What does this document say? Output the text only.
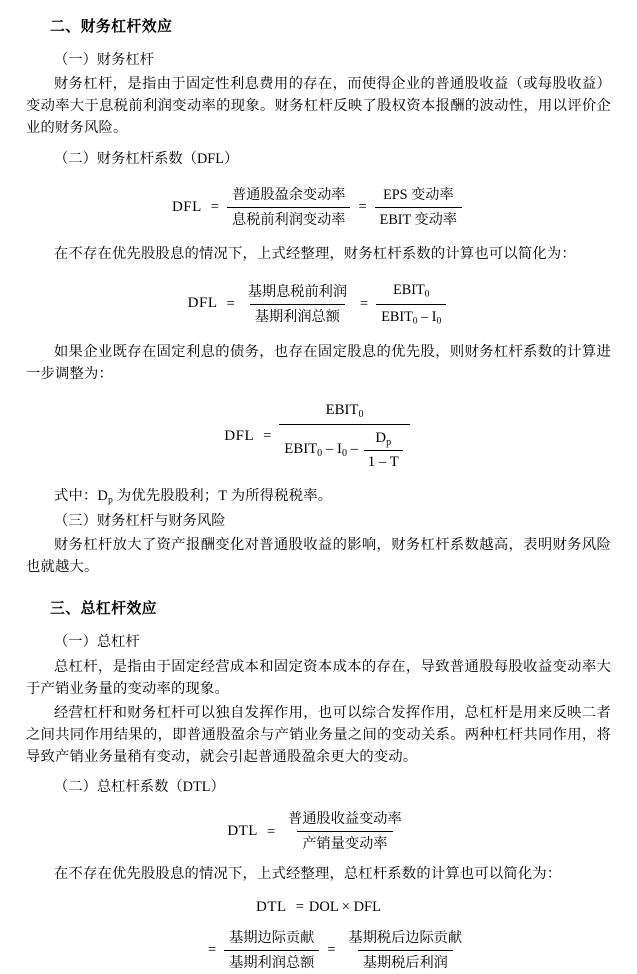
二、财务杠杆效应
（一）财务杠杆

财务杠杆，是指由于固定性利息费用的存在，而使得企业的普通股收益（或每股收益）变动率大于息税前利润变动率的现象。财务杠杆反映了股权资本报酬的波动性，用以评价企业的财务风险。

（二）财务杠杆系数（DFL）
DFL = $\frac{\text{普通股盈余变动率}}{\text{息税前利润变动率}} = \frac{\text{EPS 变动率}}{\text{EBIT 变动率}}$

在不存在优先股股息的情况下，上式经整理，财务杠杆系数的计算也可以简化为：

DFL = $\frac{\text{基期息税前利润}}{\text{基期利润总额}} = \frac{EBIT_0}{EBIT_0 - I_0}$

如果企业既存在固定利息的债务，也存在固定股息的优先股，则财务杠杆系数的计算进一步调整为：

DFL = $\frac{EBIT_0}{EBIT_0 - I_0 - \frac{D_p}{1 - T}}$

式中：$D_p$ 为优先股股利；T 为所得税税率。

（三）财务杠杆与财务风险

财务杠杆放大了资产报酬变化对普通股收益的影响，财务杠杆系数越高，表明财务风险也就越大。

三、总杠杆效应
（一）总杠杆

总杠杆，是指由于固定经营成本和固定资本成本的存在，导致普通股每股收益变动率大于产销业务量的变动率的现象。

经营杠杆和财务杠杆可以独自发挥作用，也可以综合发挥作用，总杠杆是用来反映二者之间共同作用结果的，即普通股盈余与产销业务量之间的变动关系。两种杠杆共同作用，将导致产销业务量稍有变动，就会引起普通股盈余更大的变动。

（二）总杠杆系数（DTL）
DTL = $\frac{\text{普通股收益变动率}}{\text{产销量变动率}}$

在不存在优先股股息的情况下，上式经整理，总杠杆系数的计算也可以简化为：

DTL = DOL × DFL
= $\frac{\text{基期边际贡献}}{\text{基期利润总额}} = \frac{\text{基期税后边际贡献}}{\text{基期税后利润}}$
